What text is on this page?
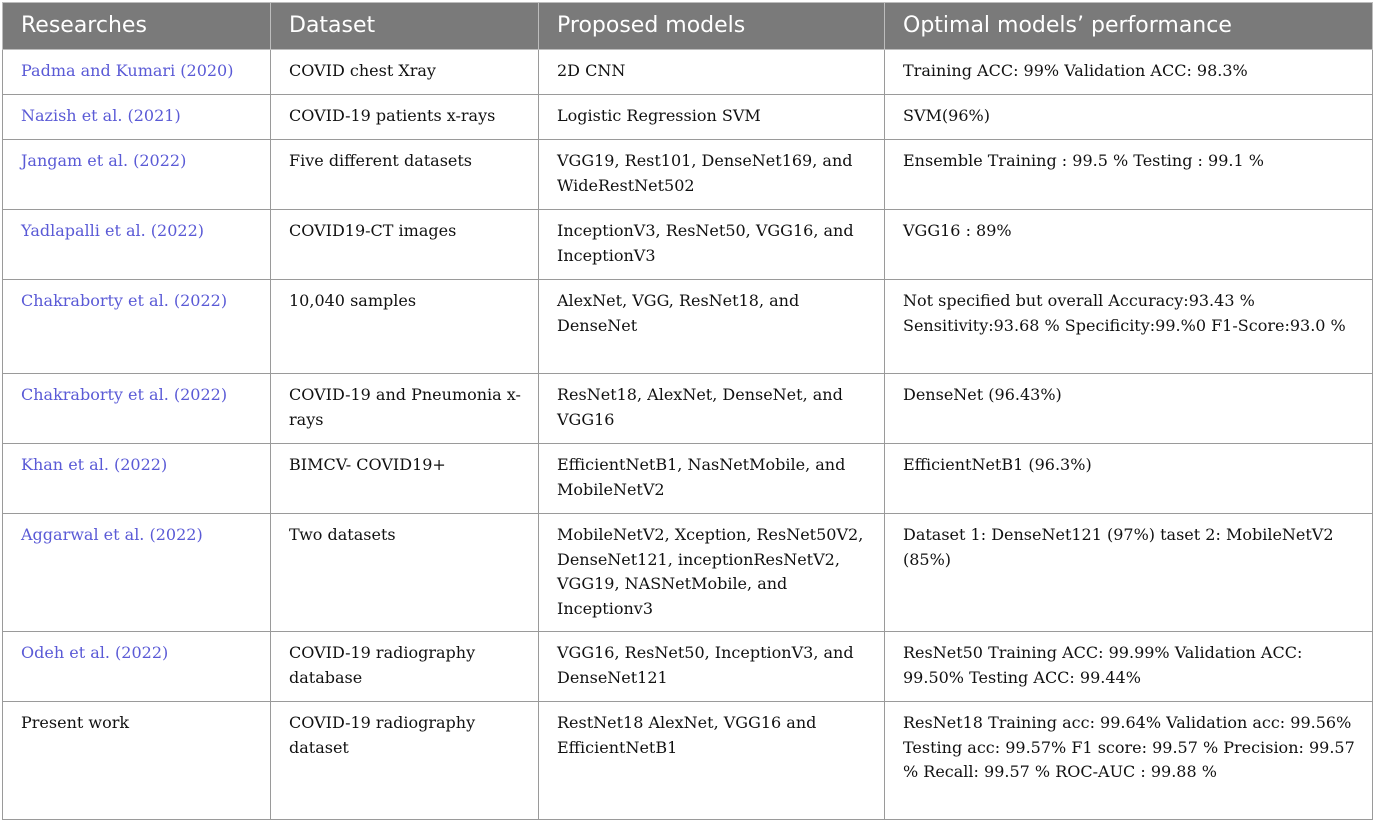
Researches	Dataset	Proposed models	Optimal models’ performance
Padma and Kumari (2020)	COVID chest Xray	2D CNN	Training ACC: 99% Validation ACC: 98.3%
Nazish et al. (2021)	COVID-19 patients x-rays	Logistic Regression SVM	SVM(96%)
Jangam et al. (2022)	Five different datasets	VGG19, Rest101, DenseNet169, and WideRestNet502	Ensemble Training : 99.5 % Testing : 99.1 %
Yadlapalli et al. (2022)	COVID19-CT images	InceptionV3, ResNet50, VGG16, and InceptionV3	VGG16 : 89%
Chakraborty et al. (2022)	10,040 samples	AlexNet, VGG, ResNet18, and DenseNet	Not specified but overall Accuracy:93.43 % Sensitivity:93.68 % Specificity:99.%0 F1-Score:93.0 %
Chakraborty et al. (2022)	COVID-19 and Pneumonia x-rays	ResNet18, AlexNet, DenseNet, and VGG16	DenseNet (96.43%)
Khan et al. (2022)	BIMCV- COVID19+	EfficientNetB1, NasNetMobile, and MobileNetV2	EfficientNetB1 (96.3%)
Aggarwal et al. (2022)	Two datasets	MobileNetV2, Xception, ResNet50V2, DenseNet121, inceptionResNetV2, VGG19, NASNetMobile, and Inceptionv3	Dataset 1: DenseNet121 (97%) taset 2: MobileNetV2 (85%)
Odeh et al. (2022)	COVID-19 radiography database	VGG16, ResNet50, InceptionV3, and DenseNet121	ResNet50 Training ACC: 99.99% Validation ACC: 99.50% Testing ACC: 99.44%
Present work	COVID-19 radiography dataset	RestNet18 AlexNet, VGG16 and EfficientNetB1	ResNet18 Training acc: 99.64% Validation acc: 99.56% Testing acc: 99.57% F1 score: 99.57 % Precision: 99.57 % Recall: 99.57 % ROC-AUC : 99.88 %
